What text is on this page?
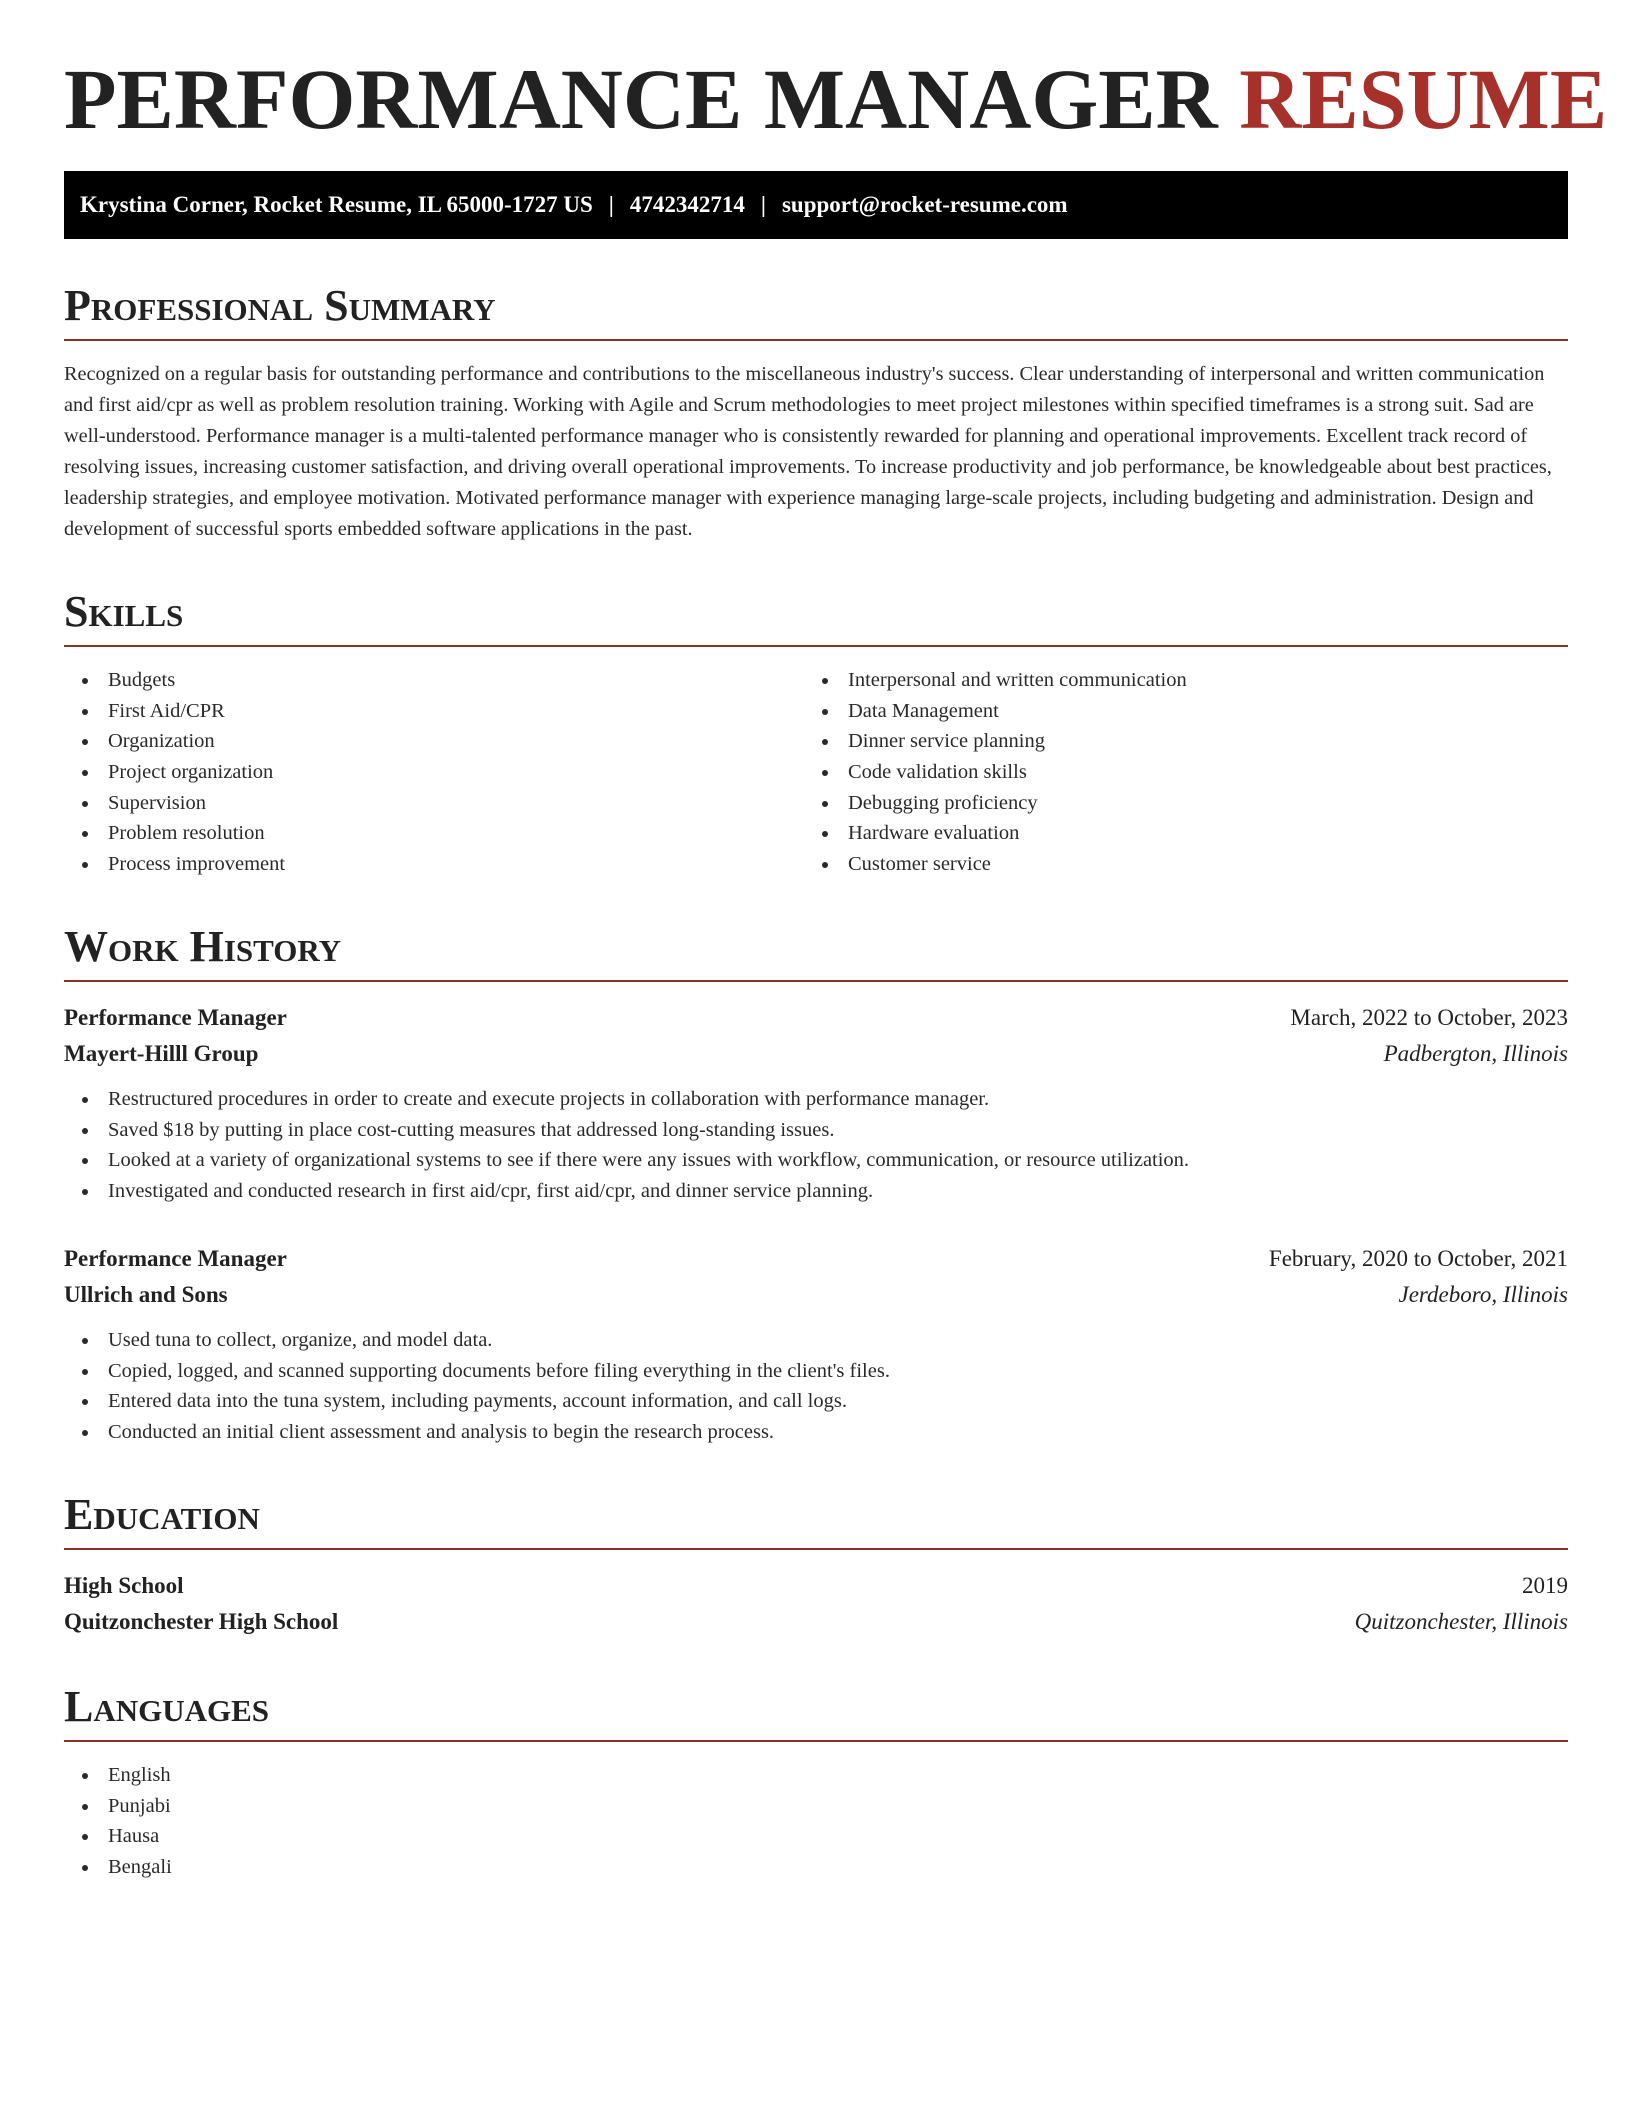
PERFORMANCE MANAGER RESUME
Krystina Corner, Rocket Resume, IL 65000-1727 US | 4742342714 | support@rocket-resume.com
Professional Summary

Recognized on a regular basis for outstanding performance and contributions to the miscellaneous industry's success. Clear understanding of interpersonal and written communication and first aid/cpr as well as problem resolution training. Working with Agile and Scrum methodologies to meet project milestones within specified timeframes is a strong suit. Sad are well-understood. Performance manager is a multi-talented performance manager who is consistently rewarded for planning and operational improvements. Excellent track record of resolving issues, increasing customer satisfaction, and driving overall operational improvements. To increase productivity and job performance, be knowledgeable about best practices, leadership strategies, and employee motivation. Motivated performance manager with experience managing large-scale projects, including budgeting and administration. Design and development of successful sports embedded software applications in the past.

Skills
Budgets
First Aid/CPR
Organization
Project organization
Supervision
Problem resolution
Process improvement
Interpersonal and written communication
Data Management
Dinner service planning
Code validation skills
Debugging proficiency
Hardware evaluation
Customer service
Work History
Performance Manager	March, 2022 to October, 2023
Mayert-Hilll Group	Padbergton, Illinois
Restructured procedures in order to create and execute projects in collaboration with performance manager.
Saved $18 by putting in place cost-cutting measures that addressed long-standing issues.
Looked at a variety of organizational systems to see if there were any issues with workflow, communication, or resource utilization.
Investigated and conducted research in first aid/cpr, first aid/cpr, and dinner service planning.
Performance Manager	February, 2020 to October, 2021
Ullrich and Sons	Jerdeboro, Illinois
Used tuna to collect, organize, and model data.
Copied, logged, and scanned supporting documents before filing everything in the client's files.
Entered data into the tuna system, including payments, account information, and call logs.
Conducted an initial client assessment and analysis to begin the research process.
Education
High School	2019
Quitzonchester High School	Quitzonchester, Illinois
Languages
English
Punjabi
Hausa
Bengali
